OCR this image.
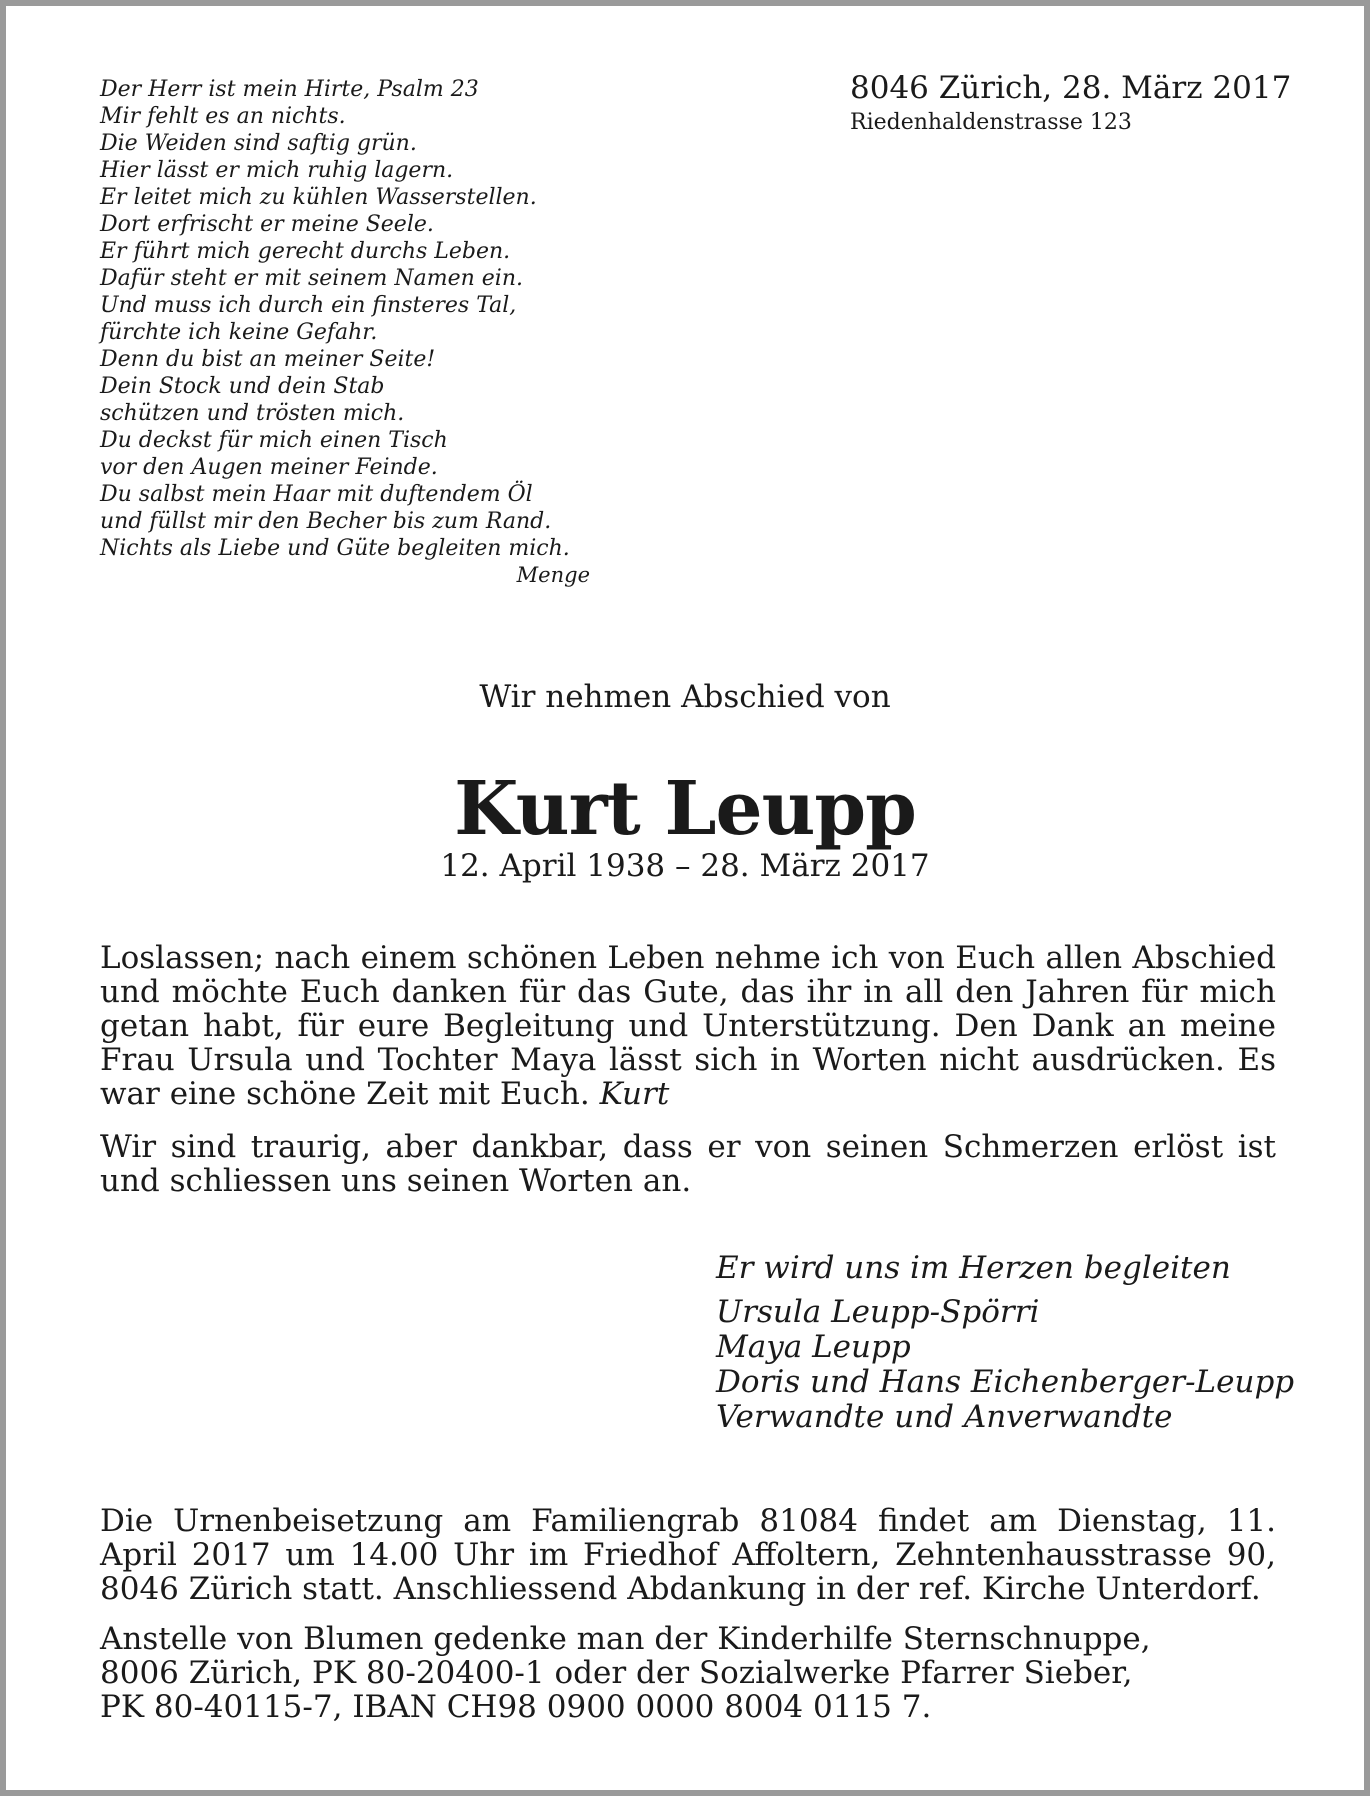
Der Herr ist mein Hirte, Psalm 23
Mir fehlt es an nichts.
Die Weiden sind saftig grün.
Hier lässt er mich ruhig lagern.
Er leitet mich zu kühlen Wasserstellen.
Dort erfrischt er meine Seele.
Er führt mich gerecht durchs Leben.
Dafür steht er mit seinem Namen ein.
Und muss ich durch ein finsteres Tal,
fürchte ich keine Gefahr.
Denn du bist an meiner Seite!
Dein Stock und dein Stab
schützen und trösten mich.
Du deckst für mich einen Tisch
vor den Augen meiner Feinde.
Du salbst mein Haar mit duftendem Öl
und füllst mir den Becher bis zum Rand.
Nichts als Liebe und Güte begleiten mich.
Menge
8046 Zürich, 28. März 2017
Riedenhaldenstrasse 123
Wir nehmen Abschied von
Kurt Leupp
12. April 1938 – 28. März 2017
Loslassen; nach einem schönen Leben nehme ich von Euch allen Abschied und möchte Euch danken für das Gute, das ihr in all den Jahren für mich getan habt, für eure Begleitung und Unterstützung. Den Dank an meine Frau Ursula und Tochter Maya lässt sich in Worten nicht ausdrücken. Es war eine schöne Zeit mit Euch. Kurt
Wir sind traurig, aber dankbar, dass er von seinen Schmerzen erlöst ist und schliessen uns seinen Worten an.
Er wird uns im Herzen begleiten
Ursula Leupp-Spörri
Maya Leupp
Doris und Hans Eichenberger-Leupp
Verwandte und Anverwandte
Die Urnenbeisetzung am Familiengrab 81084 findet am Dienstag, 11. April 2017 um 14.00 Uhr im Friedhof Affoltern, Zehntenhausstrasse 90, 8046 Zürich statt. Anschliessend Abdankung in der ref. Kirche Unterdorf.
Anstelle von Blumen gedenke man der Kinderhilfe Sternschnuppe,
8006 Zürich, PK 80-20400-1 oder der Sozialwerke Pfarrer Sieber,
PK 80-40115-7, IBAN CH98 0900 0000 8004 0115 7.
